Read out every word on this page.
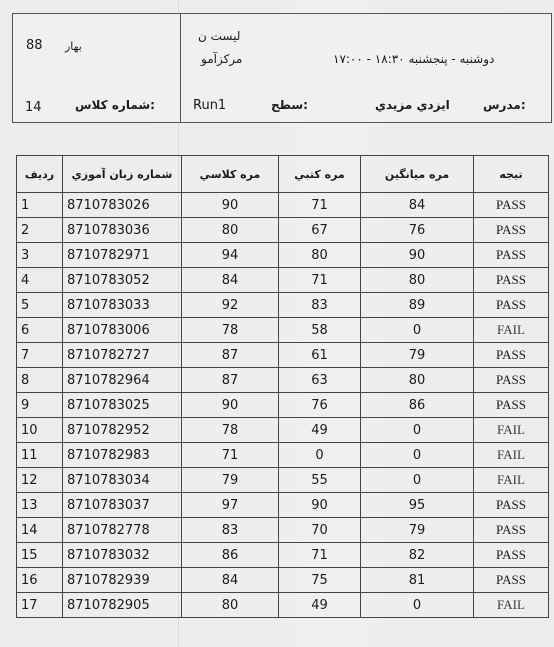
88 بهار
ليست ن
مركزآمو	دوشنبه - پنجشنبه ۱۸:۳۰ - ۱۷:۰۰
14	شماره كلاس:	Run1	سطح:	ايزدي مزيدي	مدرس:
رديف	شماره زبان آموزي	مره كلاسي	مره كتبي	مره ميانگين	تيجه
1	8710783026	90	71	84	PASS
2	8710783036	80	67	76	PASS
3	8710782971	94	80	90	PASS
4	8710783052	84	71	80	PASS
5	8710783033	92	83	89	PASS
6	8710783006	78	58	0	FAIL
7	8710782727	87	61	79	PASS
8	8710782964	87	63	80	PASS
9	8710783025	90	76	86	PASS
10	8710782952	78	49	0	FAIL
11	8710782983	71	0	0	FAIL
12	8710783034	79	55	0	FAIL
13	8710783037	97	90	95	PASS
14	8710782778	83	70	79	PASS
15	8710783032	86	71	82	PASS
16	8710782939	84	75	81	PASS
17	8710782905	80	49	0	FAIL
